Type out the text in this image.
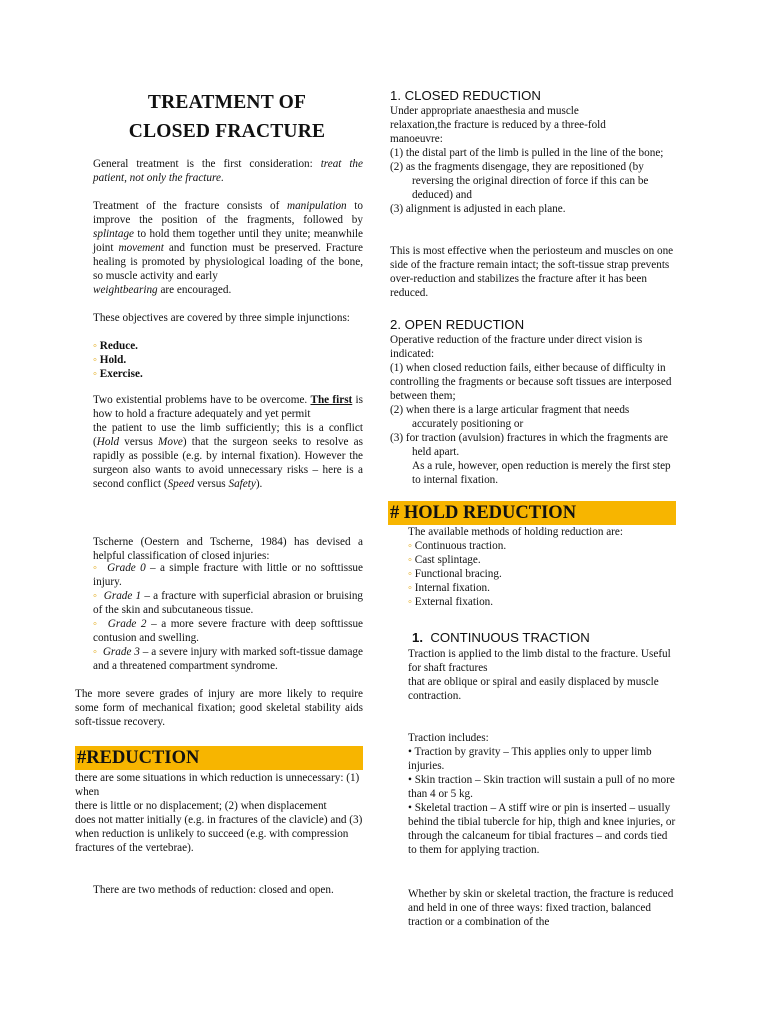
TREATMENT OF
CLOSED FRACTURE

General treatment is the first consideration: treat the patient, not only the fracture.

Treatment of the fracture consists of manipulation to improve the position of the fragments, followed by splintage to hold them together until they unite; meanwhile joint movement and function must be preserved. Fracture healing is promoted by physiological loading of the bone, so muscle activity and early
weightbearing are encouraged.

These objectives are covered by three simple injunctions:

◦ Reduce.
◦ Hold.
◦ Exercise.

Two existential problems have to be overcome. The first is how to hold a fracture adequately and yet permit
the patient to use the limb sufficiently; this is a conflict (Hold versus Move) that the surgeon seeks to resolve as rapidly as possible (e.g. by internal fixation). However the surgeon also wants to avoid unnecessary risks – here is a second conflict (Speed versus Safety).

Tscherne (Oestern and Tscherne, 1984) has devised a helpful classification of closed injuries:

◦ Grade 0 – a simple fracture with little or no softtissue injury.
◦ Grade 1 – a fracture with superficial abrasion or bruising of the skin and subcutaneous tissue.
◦ Grade 2 – a more severe fracture with deep softtissue contusion and swelling.
◦ Grade 3 – a severe injury with marked soft-tissue damage and a threatened compartment syndrome.

The more severe grades of injury are more likely to require some form of mechanical fixation; good skeletal stability aids soft-tissue recovery.

#REDUCTION

there are some situations in which reduction is unnecessary: (1) when

there is little or no displacement; (2) when displacement

does not matter initially (e.g. in fractures of the clavicle) and (3) when reduction is unlikely to succeed (e.g. with compression fractures of the vertebrae).

There are two methods of reduction: closed and open.

1. CLOSED REDUCTION

Under appropriate anaesthesia and muscle relaxation,the fracture is reduced by a three-fold manoeuvre:

(1) the distal part of the limb is pulled in the line of the bone;

(2) as the fragments disengage, they are repositioned (by reversing the original direction of force if this can be deduced) and

(3) alignment is adjusted in each plane.

This is most effective when the periosteum and muscles on one side of the fracture remain intact; the soft-tissue strap prevents over-reduction and stabilizes the fracture after it has been reduced.

2. OPEN REDUCTION

Operative reduction of the fracture under direct vision is indicated:

(1) when closed reduction fails, either because of difficulty in controlling the fragments or because soft tissues are interposed between them;

(2) when there is a large articular fragment that needs accurately positioning or

(3) for traction (avulsion) fractures in which the fragments are held apart.

As a rule, however, open reduction is merely the first step to internal fixation.

# HOLD REDUCTION

The available methods of holding reduction are:

◦ Continuous traction.
◦ Cast splintage.
◦ Functional bracing.
◦ Internal fixation.
◦ External fixation.
1. CONTINUOUS TRACTION

Traction is applied to the limb distal to the fracture. Useful for shaft fractures

that are oblique or spiral and easily displaced by muscle

contraction.

Traction includes:

• Traction by gravity – This applies only to upper limb injuries.

• Skin traction – Skin traction will sustain a pull of no more than 4 or 5 kg.

• Skeletal traction – A stiff wire or pin is inserted – usually behind the tibial tubercle for hip, thigh and knee injuries, or through the calcaneum for tibial fractures – and cords tied to them for applying traction.

Whether by skin or skeletal traction, the fracture is reduced and held in one of three ways: fixed traction, balanced traction or a combination of the
